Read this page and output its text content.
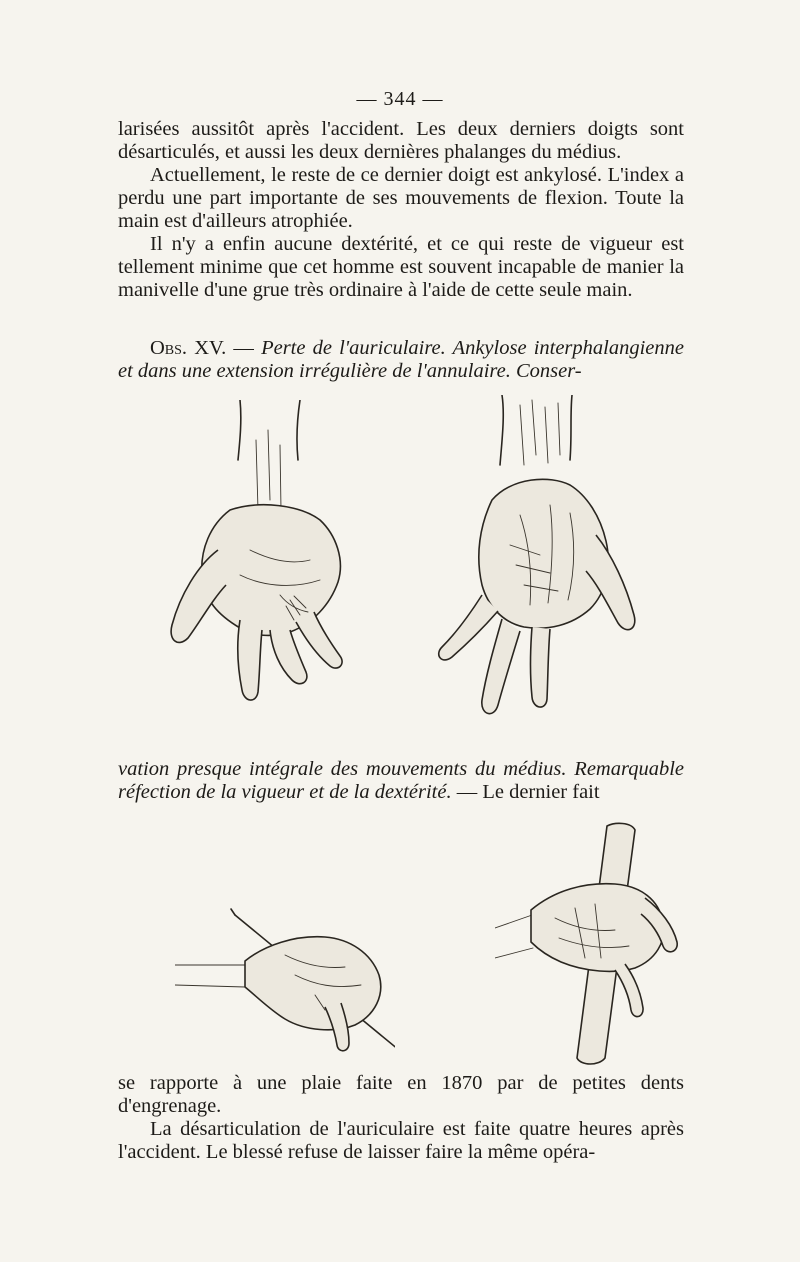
— 344 —

larisées aussitôt après l'accident. Les deux derniers doigts sont désarticulés, et aussi les deux dernières phalanges du médius.

Actuellement, le reste de ce dernier doigt est ankylosé. L'index a perdu une part importante de ses mouvements de flexion. Toute la main est d'ailleurs atrophiée.

Il n'y a enfin aucune dextérité, et ce qui reste de vigueur est tellement minime que cet homme est souvent incapable de manier la manivelle d'une grue très ordinaire à l'aide de cette seule main.

Obs. XV. — Perte de l'auriculaire. Ankylose interphalangienne et dans une extension irrégulière de l'annulaire. Conser-

vation presque intégrale des mouvements du médius. Remarquable réfection de la vigueur et de la dextérité. — Le dernier fait

se rapporte à une plaie faite en 1870 par de petites dents d'engrenage.

La désarticulation de l'auriculaire est faite quatre heures après l'accident. Le blessé refuse de laisser faire la même opéra-
